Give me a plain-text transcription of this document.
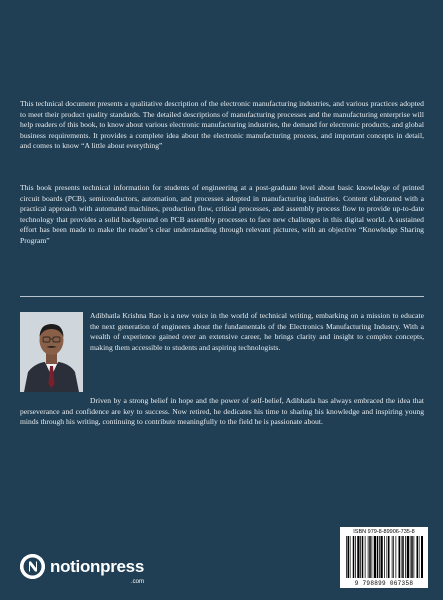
This technical document presents a qualitative description of the electronic manufacturing industries, and various practices adopted to meet their product quality standards. The detailed descriptions of manufacturing processes and the manufacturing enterprise will help readers of this book, to know about various electronic manufacturing industries, the demand for electronic products, and global business requirements. It provides a complete idea about the electronic manufacturing process, and important concepts in detail, and comes to know “A little about everything”

This book presents technical information for students of engineering at a post-graduate level about basic knowledge of printed circuit boards (PCB), semiconductors, automation, and processes adopted in manufacturing industries. Content elaborated with a practical approach with automated machines, production flow, critical processes, and assembly process flow to provide up-to-date technology that provides a solid background on PCB assembly processes to face new challenges in this digital world. A sustained effort has been made to make the reader’s clear understanding through relevant pictures, with an objective “Knowledge Sharing Program”

Adibhatla Krishna Rao is a new voice in the world of technical writing, embarking on a mission to educate the next generation of engineers about the fundamentals of the Electronics Manufacturing Industry. With a wealth of experience gained over an extensive career, he brings clarity and insight to complex concepts, making them accessible to students and aspiring technologists.

Driven by a strong belief in hope and the power of self-belief, Adibhatla has always embraced the idea that perseverance and confidence are key to success. Now retired, he dedicates his time to sharing his knowledge and inspiring young minds through his writing, continuing to contribute meaningfully to the field he is passionate about.

notionpress
.com
ISBN 979-8-89906-735-8
9 798899 067358
